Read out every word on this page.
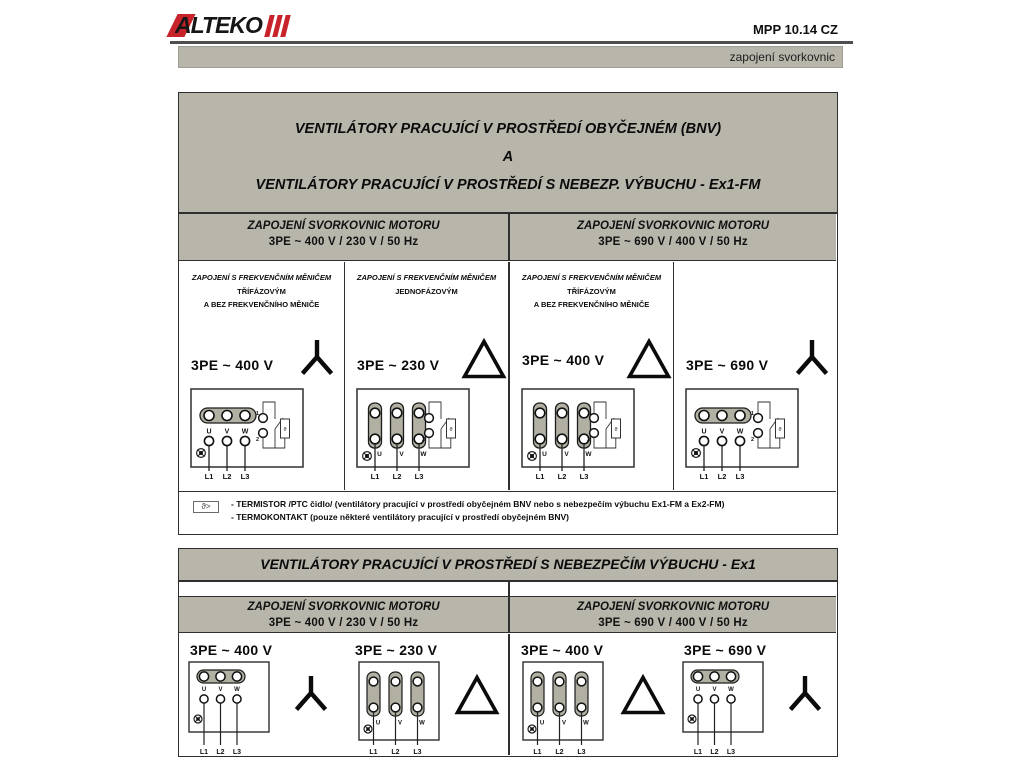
ALTEKO	MPP 10.14 CZ
zapojení svorkovnic
VENTILÁTORY PRACUJÍCÍ V PROSTŘEDÍ OBYČEJNÉM (BNV)
A
VENTILÁTORY PRACUJÍCÍ V PROSTŘEDÍ S NEBEZP. VÝBUCHU - Ex1-FM
ZAPOJENÍ SVORKOVNIC MOTORU
3PE ~ 400 V / 230 V / 50 Hz
ZAPOJENÍ SVORKOVNIC MOTORU
3PE ~ 690 V / 400 V / 50 Hz
ZAPOJENÍ S FREKVENČNÍM MĚNIČEM
TŘÍFÁZOVÝM
A BEZ FREKVENČNÍHO MĚNIČE
3PE ~ 400 V
U
L1
V
L2
W
L3
1
2
ϑ
ZAPOJENÍ S FREKVENČNÍM MĚNIČEM
JEDNOFÁZOVÝM
3PE ~ 230 V
U
L1
V
L2
W
L3
1
2
ϑ
ZAPOJENÍ S FREKVENČNÍM MĚNIČEM
TŘÍFÁZOVÝM
A BEZ FREKVENČNÍHO MĚNIČE
3PE ~ 400 V
U
L1
V
L2
W
L3
1
2
ϑ
3PE ~ 690 V
U
L1
V
L2
W
L3
1
2
ϑ
ϑ>	- TERMISTOR /PTC čidlo/ (ventilátory pracující v prostředí obyčejném BNV nebo s nebezpečím výbuchu Ex1-FM a Ex2-FM)
- TERMOKONTAKT (pouze některé ventilátory pracující v prostředí obyčejném BNV)
VENTILÁTORY PRACUJÍCÍ V PROSTŘEDÍ S NEBEZPEČÍM VÝBUCHU - Ex1
ZAPOJENÍ SVORKOVNIC MOTORU
3PE ~ 400 V / 230 V / 50 Hz
ZAPOJENÍ SVORKOVNIC MOTORU
3PE ~ 690 V / 400 V / 50 Hz
3PE ~ 400 V
U
L1
V
L2
W
L3
3PE ~ 230 V
U
L1
V
L2
W
L3
3PE ~ 400 V
U
L1
V
L2
W
L3
3PE ~ 690 V
U
L1
V
L2
W
L3
